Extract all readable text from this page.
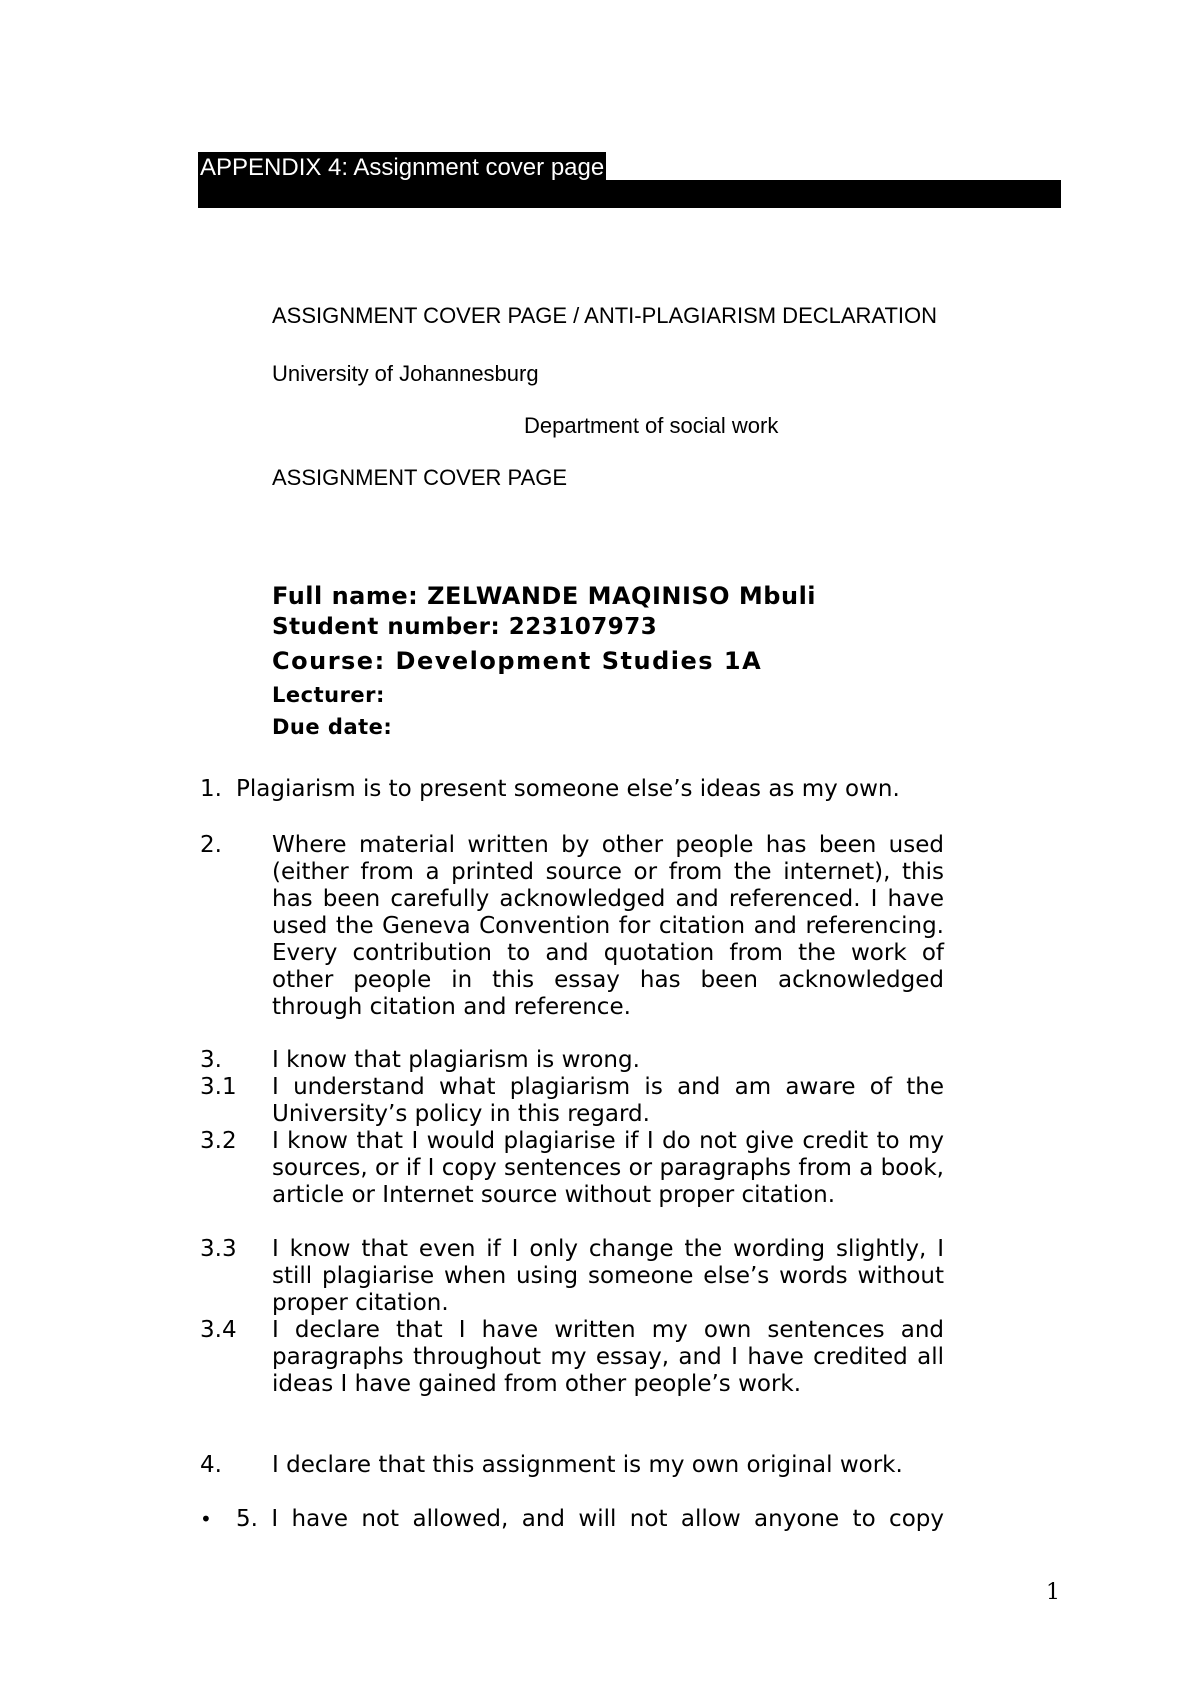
APPENDIX 4: Assignment cover page
ASSIGNMENT COVER PAGE / ANTI-PLAGIARISM DECLARATION
University of Johannesburg
Department of social work
ASSIGNMENT COVER PAGE
Full name: ZELWANDE MAQINISO Mbuli
Student number: 223107973
Course: Development Studies 1A
Lecturer:
Due date:
1. Plagiarism is to present someone else’s ideas as my own.
2. Where material written by other people has been used (either from a printed source or from the internet), this has been carefully acknowledged and referenced. I have used the Geneva Convention for citation and referencing. Every contribution to and quotation from the work of other people in this essay has been acknowledged through citation and reference.
3. I know that plagiarism is wrong.
3.1 I understand what plagiarism is and am aware of the University’s policy in this regard.
3.2 I know that I would plagiarise if I do not give credit to my sources, or if I copy sentences or paragraphs from a book, article or Internet source without proper citation.
3.3 I know that even if I only change the wording slightly, I still plagiarise when using someone else’s words without proper citation.
3.4 I declare that I have written my own sentences and paragraphs throughout my essay, and I have credited all ideas I have gained from other people’s work.
4. I declare that this assignment is my own original work.
• 5. I have not allowed, and will not allow anyone to copy
1
